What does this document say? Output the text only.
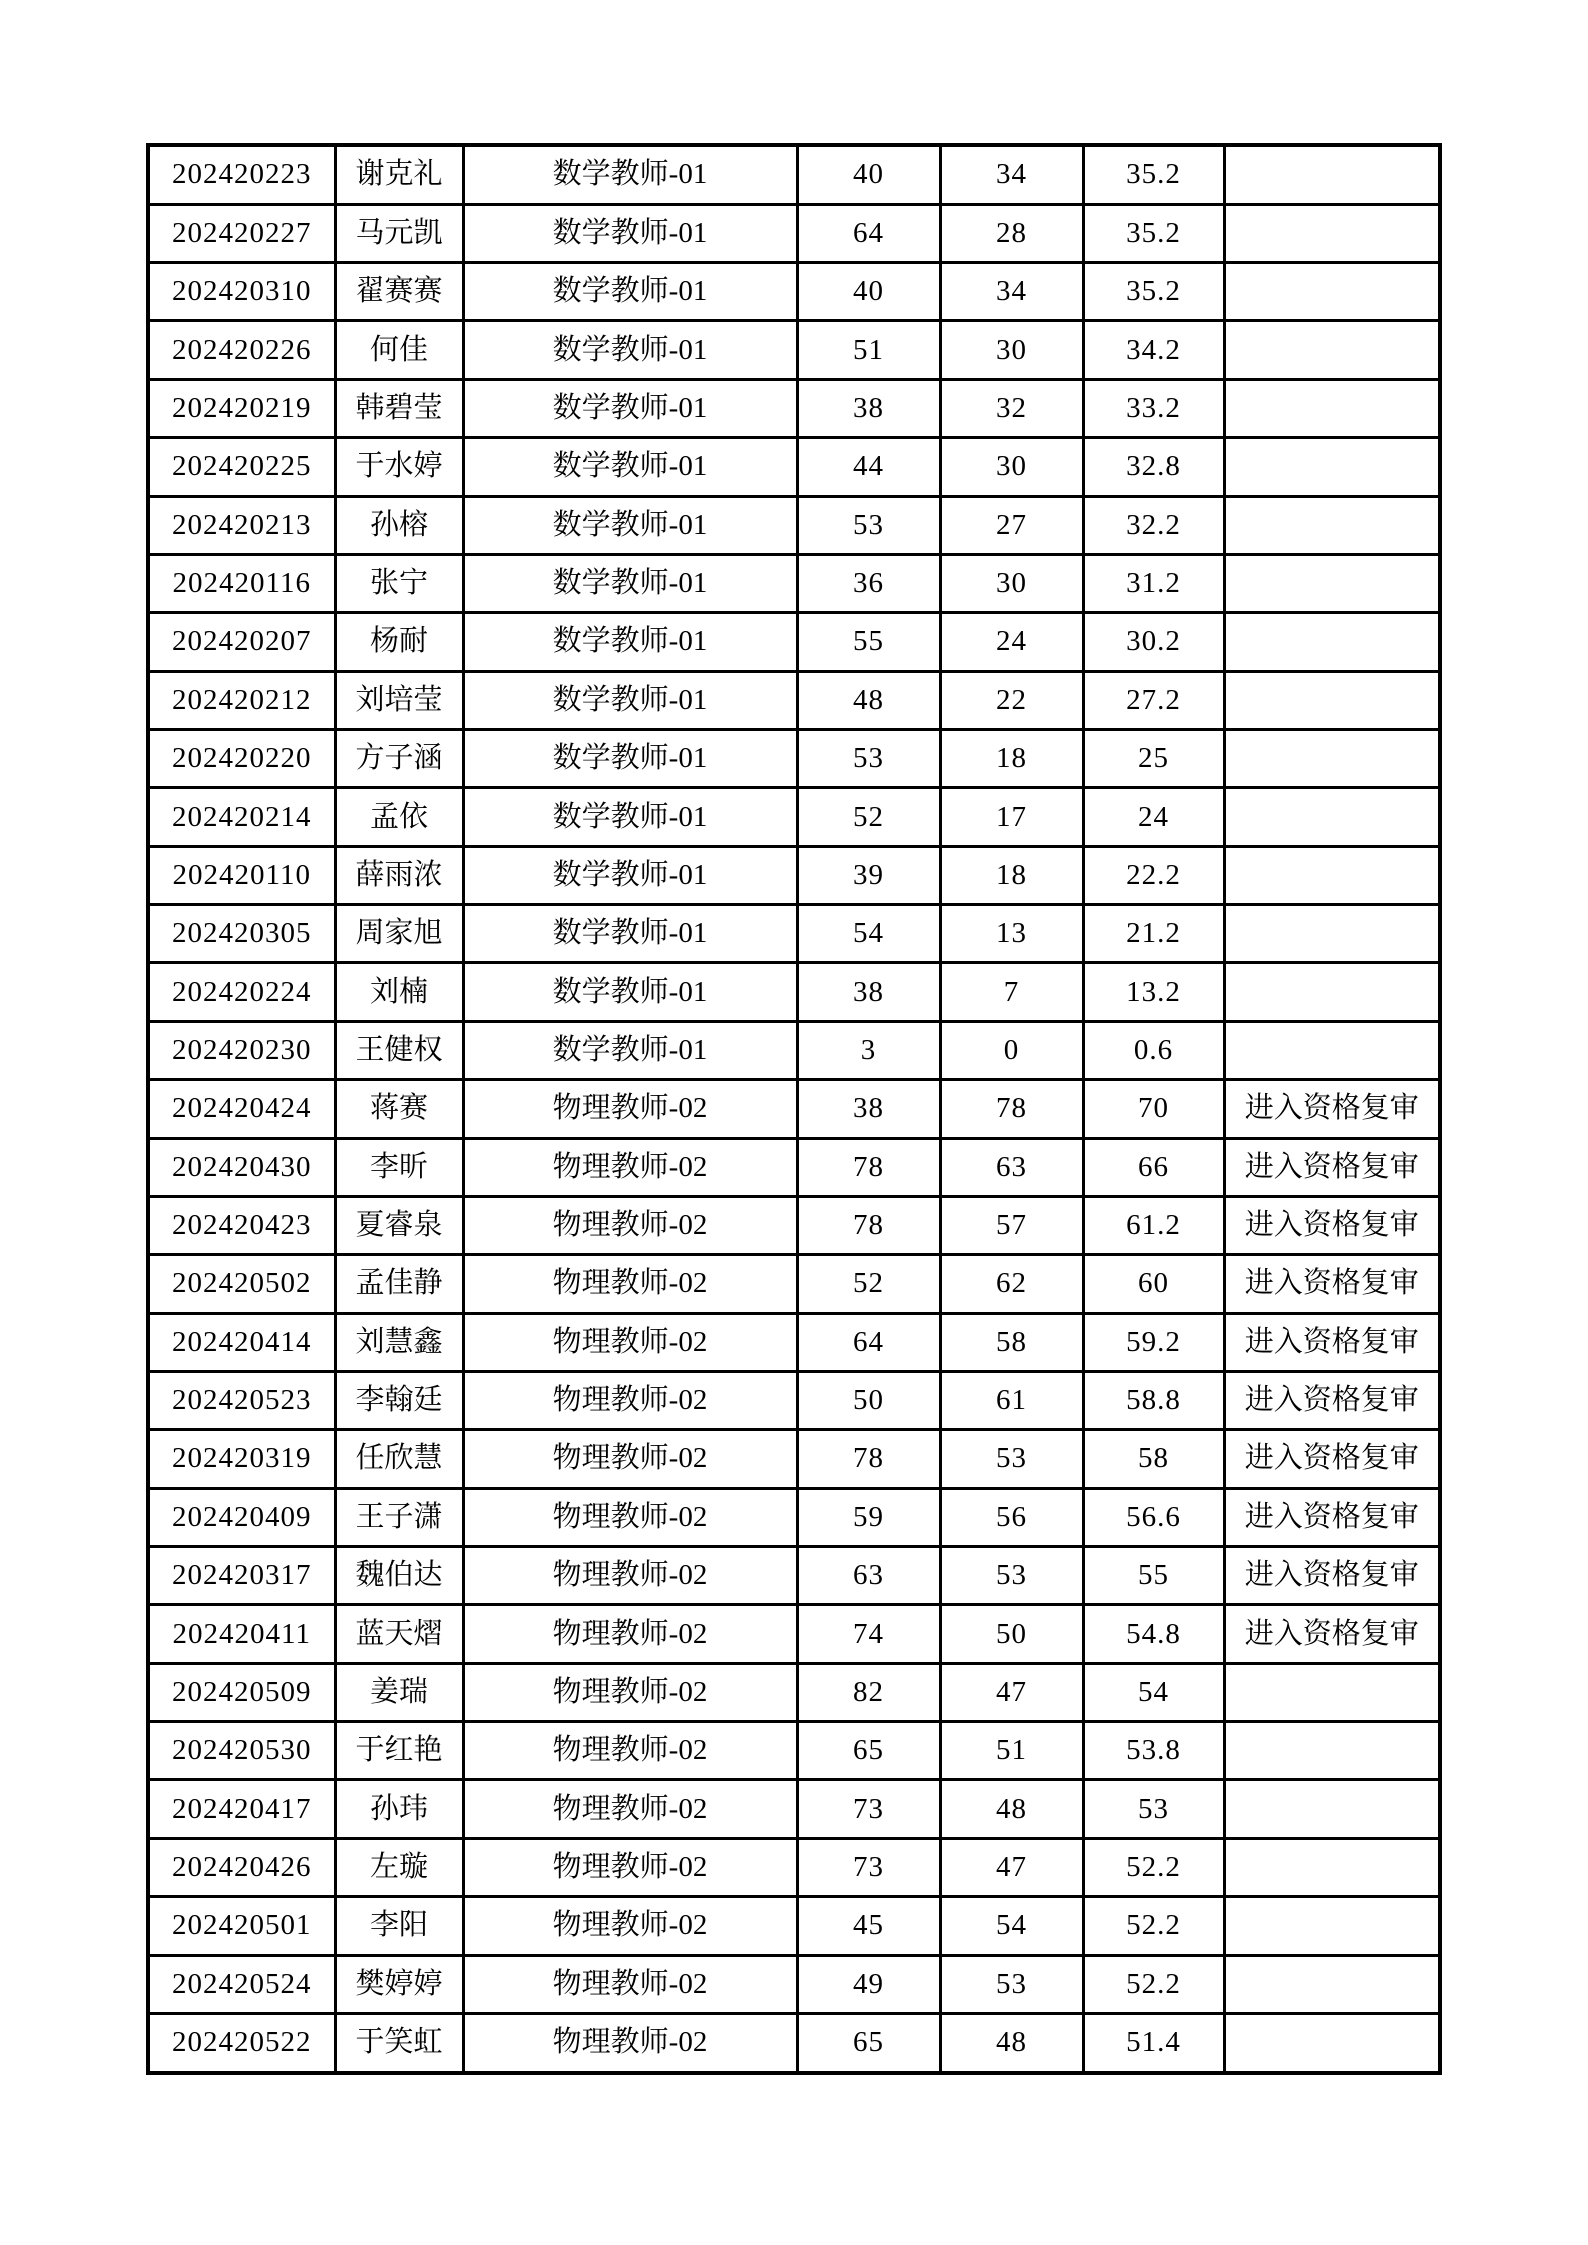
202420223	谢克礼	数学教师-01	40	34	35.2	
202420227	马元凯	数学教师-01	64	28	35.2	
202420310	翟赛赛	数学教师-01	40	34	35.2	
202420226	何佳	数学教师-01	51	30	34.2	
202420219	韩碧莹	数学教师-01	38	32	33.2	
202420225	于水婷	数学教师-01	44	30	32.8	
202420213	孙榕	数学教师-01	53	27	32.2	
202420116	张宁	数学教师-01	36	30	31.2	
202420207	杨耐	数学教师-01	55	24	30.2	
202420212	刘培莹	数学教师-01	48	22	27.2	
202420220	方子涵	数学教师-01	53	18	25	
202420214	孟依	数学教师-01	52	17	24	
202420110	薛雨浓	数学教师-01	39	18	22.2	
202420305	周家旭	数学教师-01	54	13	21.2	
202420224	刘楠	数学教师-01	38	7	13.2	
202420230	王健权	数学教师-01	3	0	0.6	
202420424	蒋赛	物理教师-02	38	78	70	进入资格复审
202420430	李昕	物理教师-02	78	63	66	进入资格复审
202420423	夏睿泉	物理教师-02	78	57	61.2	进入资格复审
202420502	孟佳静	物理教师-02	52	62	60	进入资格复审
202420414	刘慧鑫	物理教师-02	64	58	59.2	进入资格复审
202420523	李翰廷	物理教师-02	50	61	58.8	进入资格复审
202420319	任欣慧	物理教师-02	78	53	58	进入资格复审
202420409	王子潇	物理教师-02	59	56	56.6	进入资格复审
202420317	魏伯达	物理教师-02	63	53	55	进入资格复审
202420411	蓝天熠	物理教师-02	74	50	54.8	进入资格复审
202420509	姜瑞	物理教师-02	82	47	54	
202420530	于红艳	物理教师-02	65	51	53.8	
202420417	孙玮	物理教师-02	73	48	53	
202420426	左璇	物理教师-02	73	47	52.2	
202420501	李阳	物理教师-02	45	54	52.2	
202420524	樊婷婷	物理教师-02	49	53	52.2	
202420522	于笑虹	物理教师-02	65	48	51.4	
